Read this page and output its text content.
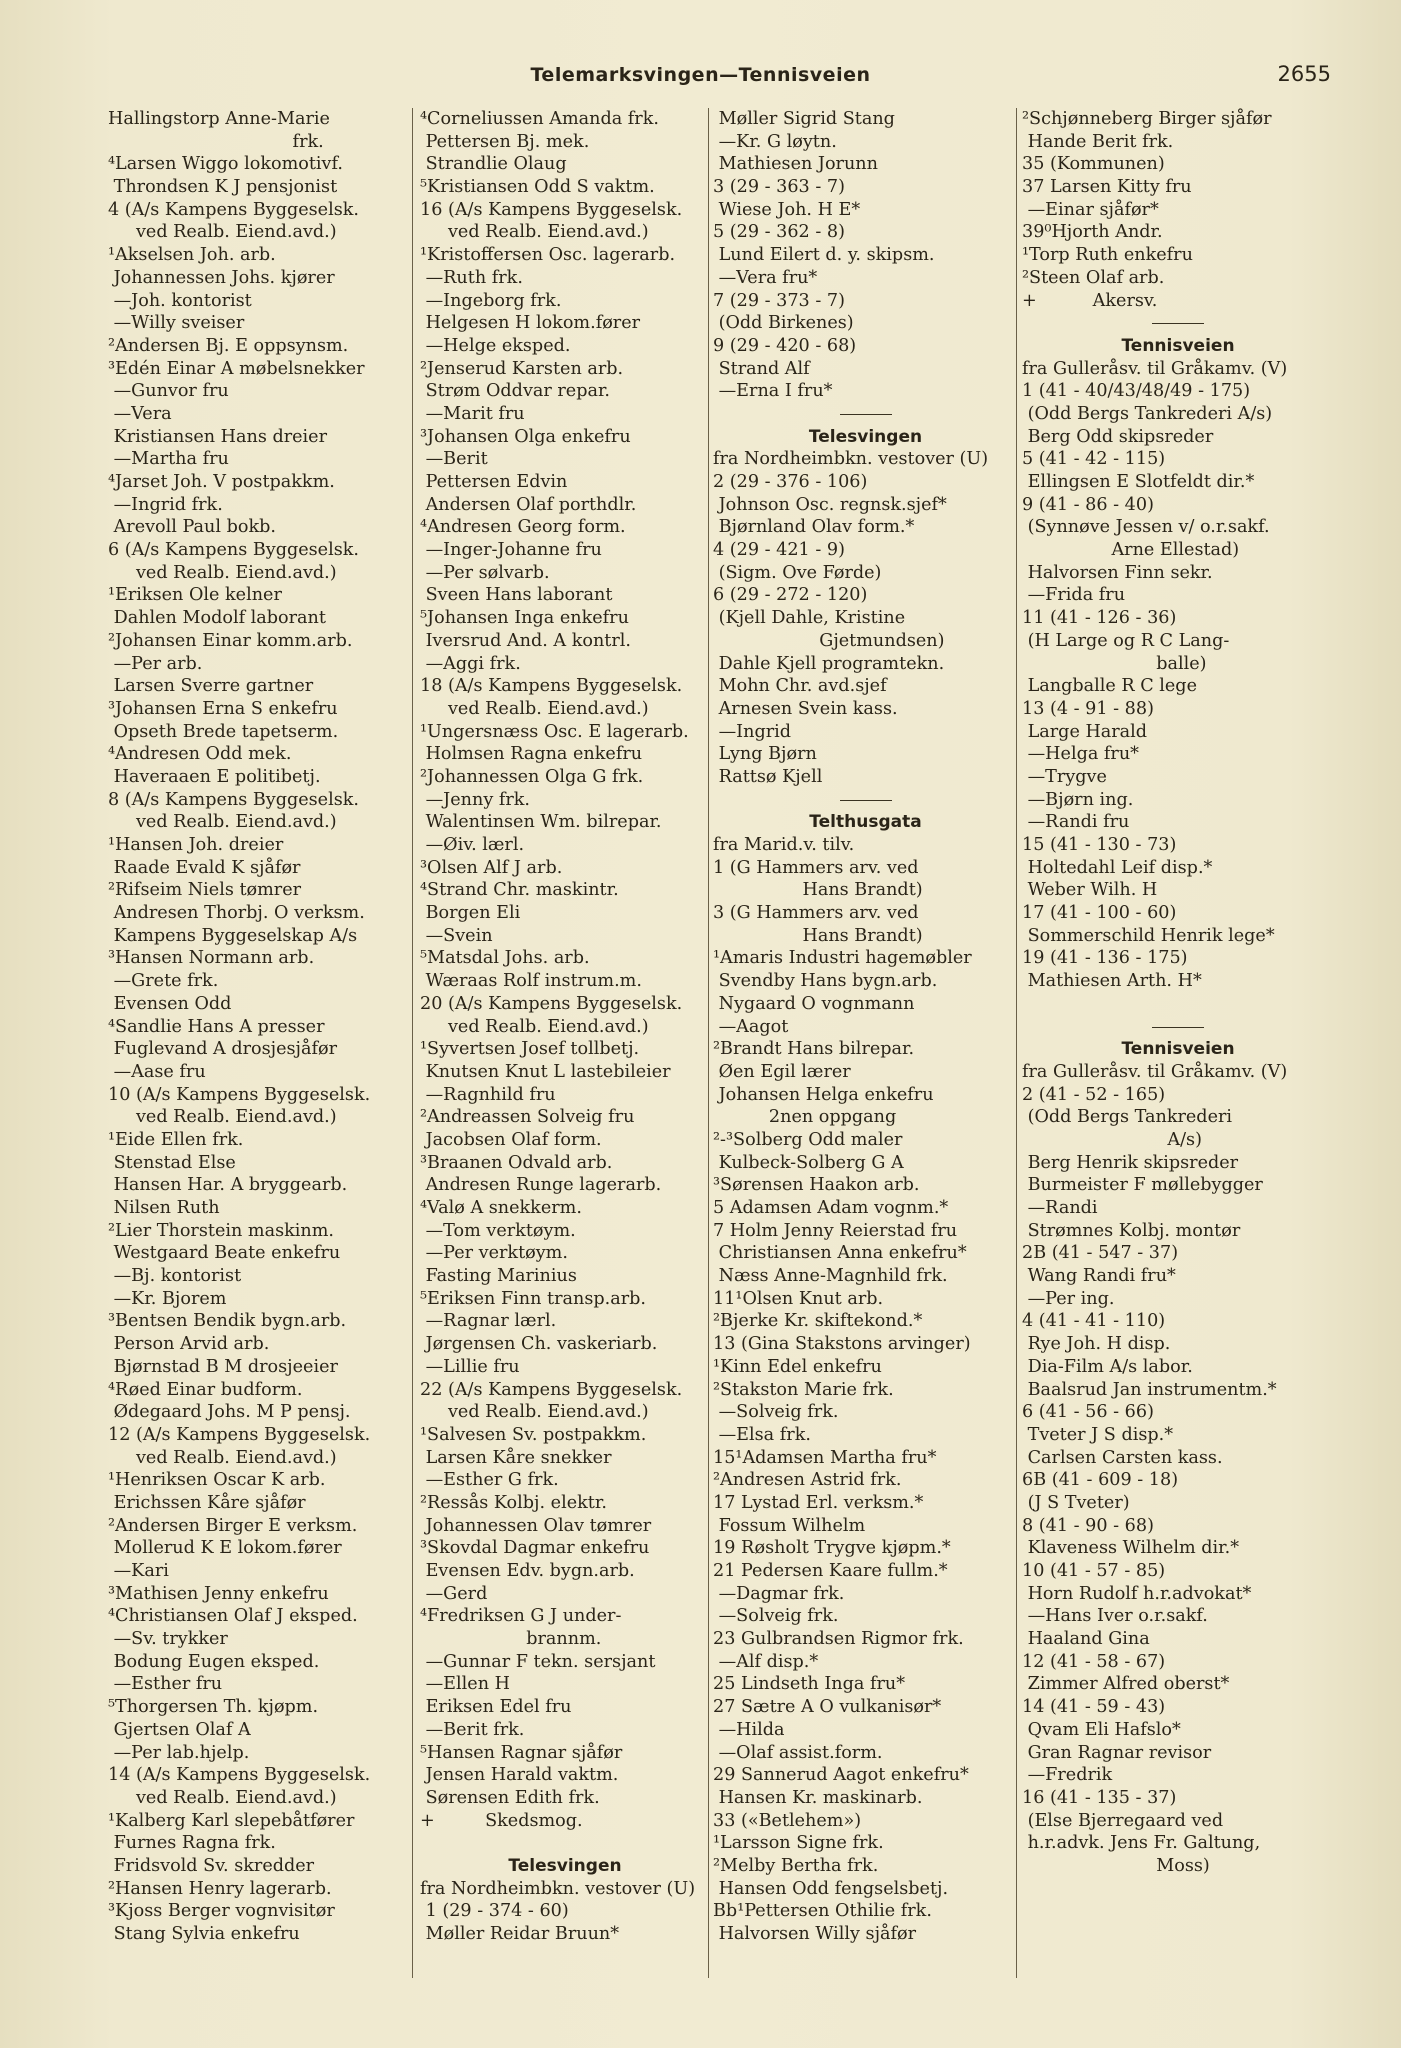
Telemarksvingen—Tennisveien	2655
Hallingstorp Anne-Marie
frk.
⁴Larsen Wiggo lokomotivf.
Throndsen K J pensjonist
4 (A/s Kampens Byggeselsk.
ved Realb. Eiend.avd.)
¹Akselsen Joh. arb.
Johannessen Johs. kjører
—Joh. kontorist
—Willy sveiser
²Andersen Bj. E oppsynsm.
³Edén Einar A møbelsnekker
—Gunvor fru
—Vera
Kristiansen Hans dreier
—Martha fru
⁴Jarset Joh. V postpakkm.
—Ingrid frk.
Arevoll Paul bokb.
6 (A/s Kampens Byggeselsk.
ved Realb. Eiend.avd.)
¹Eriksen Ole kelner
Dahlen Modolf laborant
²Johansen Einar komm.arb.
—Per arb.
Larsen Sverre gartner
³Johansen Erna S enkefru
Opseth Brede tapetserm.
⁴Andresen Odd mek.
Haveraaen E politibetj.
8 (A/s Kampens Byggeselsk.
ved Realb. Eiend.avd.)
¹Hansen Joh. dreier
Raade Evald K sjåfør
²Rifseim Niels tømrer
Andresen Thorbj. O verksm.
Kampens Byggeselskap A/s
³Hansen Normann arb.
—Grete frk.
Evensen Odd
⁴Sandlie Hans A presser
Fuglevand A drosjesjåfør
—Aase fru
10 (A/s Kampens Byggeselsk.
ved Realb. Eiend.avd.)
¹Eide Ellen frk.
Stenstad Else
Hansen Har. A bryggearb.
Nilsen Ruth
²Lier Thorstein maskinm.
Westgaard Beate enkefru
—Bj. kontorist
—Kr. Bjorem
³Bentsen Bendik bygn.arb.
Person Arvid arb.
Bjørnstad B M drosjeeier
⁴Røed Einar budform.
Ødegaard Johs. M P pensj.
12 (A/s Kampens Byggeselsk.
ved Realb. Eiend.avd.)
¹Henriksen Oscar K arb.
Erichssen Kåre sjåfør
²Andersen Birger E verksm.
Mollerud K E lokom.fører
—Kari
³Mathisen Jenny enkefru
⁴Christiansen Olaf J eksped.
—Sv. trykker
Bodung Eugen eksped.
—Esther fru
⁵Thorgersen Th. kjøpm.
Gjertsen Olaf A
—Per lab.hjelp.
14 (A/s Kampens Byggeselsk.
ved Realb. Eiend.avd.)
¹Kalberg Karl slepebåtfører
Furnes Ragna frk.
Fridsvold Sv. skredder
²Hansen Henry lagerarb.
³Kjoss Berger vognvisitør
Stang Sylvia enkefru
⁴Corneliussen Amanda frk.
Pettersen Bj. mek.
Strandlie Olaug
⁵Kristiansen Odd S vaktm.
16 (A/s Kampens Byggeselsk.
ved Realb. Eiend.avd.)
¹Kristoffersen Osc. lagerarb.
—Ruth frk.
—Ingeborg frk.
Helgesen H lokom.fører
—Helge eksped.
²Jenserud Karsten arb.
Strøm Oddvar repar.
—Marit fru
³Johansen Olga enkefru
—Berit
Pettersen Edvin
Andersen Olaf porthdlr.
⁴Andresen Georg form.
—Inger-Johanne fru
—Per sølvarb.
Sveen Hans laborant
⁵Johansen Inga enkefru
Iversrud And. A kontrl.
—Aggi frk.
18 (A/s Kampens Byggeselsk.
ved Realb. Eiend.avd.)
¹Ungersnæss Osc. E lagerarb.
Holmsen Ragna enkefru
²Johannessen Olga G frk.
—Jenny frk.
Walentinsen Wm. bilrepar.
—Øiv. lærl.
³Olsen Alf J arb.
⁴Strand Chr. maskintr.
Borgen Eli
—Svein
⁵Matsdal Johs. arb.
Wæraas Rolf instrum.m.
20 (A/s Kampens Byggeselsk.
ved Realb. Eiend.avd.)
¹Syvertsen Josef tollbetj.
Knutsen Knut L lastebileier
—Ragnhild fru
²Andreassen Solveig fru
Jacobsen Olaf form.
³Braanen Odvald arb.
Andresen Runge lagerarb.
⁴Valø A snekkerm.
—Tom verktøym.
—Per verktøym.
Fasting Marinius
⁵Eriksen Finn transp.arb.
—Ragnar lærl.
Jørgensen Ch. vaskeriarb.
—Lillie fru
22 (A/s Kampens Byggeselsk.
ved Realb. Eiend.avd.)
¹Salvesen Sv. postpakkm.
Larsen Kåre snekker
—Esther G frk.
²Ressås Kolbj. elektr.
Johannessen Olav tømrer
³Skovdal Dagmar enkefru
Evensen Edv. bygn.arb.
—Gerd
⁴Fredriksen G J under-
brannm.
—Gunnar F tekn. sersjant
—Ellen H
Eriksen Edel fru
—Berit frk.
⁵Hansen Ragnar sjåfør
Jensen Harald vaktm.
Sørensen Edith frk.
+         Skedsmog.
Telesvingen
fra Nordheimbkn. vestover (U)
1 (29 - 374 - 60)
Møller Reidar Bruun*
Møller Sigrid Stang
—Kr. G løytn.
Mathiesen Jorunn
3 (29 - 363 - 7)
Wiese Joh. H E*
5 (29 - 362 - 8)
Lund Eilert d. y. skipsm.
—Vera fru*
7 (29 - 373 - 7)
(Odd Birkenes)
9 (29 - 420 - 68)
Strand Alf
—Erna I fru*
Telesvingen
fra Nordheimbkn. vestover (U)
2 (29 - 376 - 106)
Johnson Osc. regnsk.sjef*
Bjørnland Olav form.*
4 (29 - 421 - 9)
(Sigm. Ove Førde)
6 (29 - 272 - 120)
(Kjell Dahle, Kristine
Gjetmundsen)
Dahle Kjell programtekn.
Mohn Chr. avd.sjef
Arnesen Svein kass.
—Ingrid
Lyng Bjørn
Rattsø Kjell
Telthusgata
fra Marid.v. tilv.
1 (G Hammers arv. ved
Hans Brandt)
3 (G Hammers arv. ved
Hans Brandt)
¹Amaris Industri hagemøbler
Svendby Hans bygn.arb.
Nygaard O vognmann
—Aagot
²Brandt Hans bilrepar.
Øen Egil lærer
Johansen Helga enkefru
2nen oppgang
²-³Solberg Odd maler
Kulbeck-Solberg G A
³Sørensen Haakon arb.
5 Adamsen Adam vognm.*
7 Holm Jenny Reierstad fru
Christiansen Anna enkefru*
Næss Anne-Magnhild frk.
11¹Olsen Knut arb.
²Bjerke Kr. skiftekond.*
13 (Gina Stakstons arvinger)
¹Kinn Edel enkefru
²Stakston Marie frk.
—Solveig frk.
—Elsa frk.
15¹Adamsen Martha fru*
²Andresen Astrid frk.
17 Lystad Erl. verksm.*
Fossum Wilhelm
19 Røsholt Trygve kjøpm.*
21 Pedersen Kaare fullm.*
—Dagmar frk.
—Solveig frk.
23 Gulbrandsen Rigmor frk.
—Alf disp.*
25 Lindseth Inga fru*
27 Sætre A O vulkanisør*
—Hilda
—Olaf assist.form.
29 Sannerud Aagot enkefru*
Hansen Kr. maskinarb.
33 («Betlehem»)
¹Larsson Signe frk.
²Melby Bertha frk.
Hansen Odd fengselsbetj.
Bb¹Pettersen Othilie frk.
Halvorsen Willy sjåfør
²Schjønneberg Birger sjåfør
Hande Berit frk.
35 (Kommunen)
37 Larsen Kitty fru
—Einar sjåfør*
39⁰Hjorth Andr.
¹Torp Ruth enkefru
²Steen Olaf arb.
+          Akersv.
Tennisveien
fra Gulleråsv. til Gråkamv. (V)
1 (41 - 40/43/48/49 - 175)
(Odd Bergs Tankrederi A/s)
Berg Odd skipsreder
5 (41 - 42 - 115)
Ellingsen E Slotfeldt dir.*
9 (41 - 86 - 40)
(Synnøve Jessen v/ o.r.sakf.
Arne Ellestad)
Halvorsen Finn sekr.
—Frida fru
11 (41 - 126 - 36)
(H Large og R C Lang-
balle)
Langballe R C lege
13 (4 - 91 - 88)
Large Harald
—Helga fru*
—Trygve
—Bjørn ing.
—Randi fru
15 (41 - 130 - 73)
Holtedahl Leif disp.*
Weber Wilh. H
17 (41 - 100 - 60)
Sommerschild Henrik lege*
19 (41 - 136 - 175)
Mathiesen Arth. H*
Tennisveien
fra Gulleråsv. til Gråkamv. (V)
2 (41 - 52 - 165)
(Odd Bergs Tankrederi
A/s)
Berg Henrik skipsreder
Burmeister F møllebygger
—Randi
Strømnes Kolbj. montør
2B (41 - 547 - 37)
Wang Randi fru*
—Per ing.
4 (41 - 41 - 110)
Rye Joh. H disp.
Dia-Film A/s labor.
Baalsrud Jan instrumentm.*
6 (41 - 56 - 66)
Tveter J S disp.*
Carlsen Carsten kass.
6B (41 - 609 - 18)
(J S Tveter)
8 (41 - 90 - 68)
Klaveness Wilhelm dir.*
10 (41 - 57 - 85)
Horn Rudolf h.r.advokat*
—Hans Iver o.r.sakf.
Haaland Gina
12 (41 - 58 - 67)
Zimmer Alfred oberst*
14 (41 - 59 - 43)
Qvam Eli Hafslo*
Gran Ragnar revisor
—Fredrik
16 (41 - 135 - 37)
(Else Bjerregaard ved
h.r.advk. Jens Fr. Galtung,
Moss)
